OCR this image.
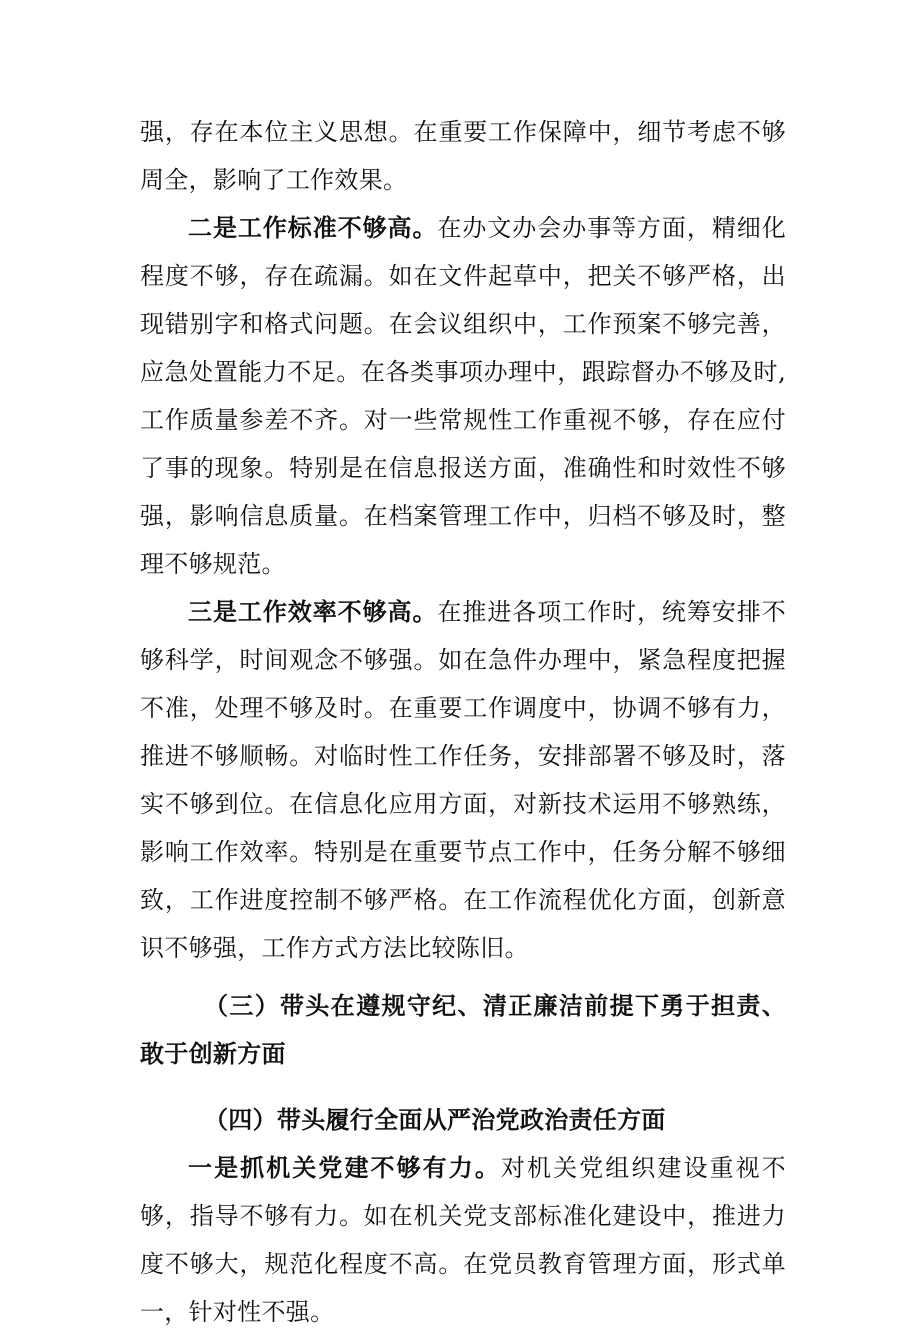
强，存在本位主义思想。在重要工作保障中，细节考虑不够周全，影响了工作效果。

二是工作标准不够高。在办文办会办事等方面，精细化程度不够，存在疏漏。如在文件起草中，把关不够严格，出现错别字和格式问题。在会议组织中，工作预案不够完善，应急处置能力不足。在各类事项办理中，跟踪督办不够及时,工作质量参差不齐。对一些常规性工作重视不够，存在应付了事的现象。特别是在信息报送方面，准确性和时效性不够强，影响信息质量。在档案管理工作中，归档不够及时，整理不够规范。

三是工作效率不够高。在推进各项工作时，统筹安排不够科学，时间观念不够强。如在急件办理中，紧急程度把握不准，处理不够及时。在重要工作调度中，协调不够有力，推进不够顺畅。对临时性工作任务，安排部署不够及时，落实不够到位。在信息化应用方面，对新技术运用不够熟练，影响工作效率。特别是在重要节点工作中，任务分解不够细致，工作进度控制不够严格。在工作流程优化方面，创新意识不够强，工作方式方法比较陈旧。

（三）带头在遵规守纪、清正廉洁前提下勇于担责、敢于创新方面

（四）带头履行全面从严治党政治责任方面

一是抓机关党建不够有力。对机关党组织建设重视不够，指导不够有力。如在机关党支部标准化建设中，推进力度不够大，规范化程度不高。在党员教育管理方面，形式单一，针对性不强。
